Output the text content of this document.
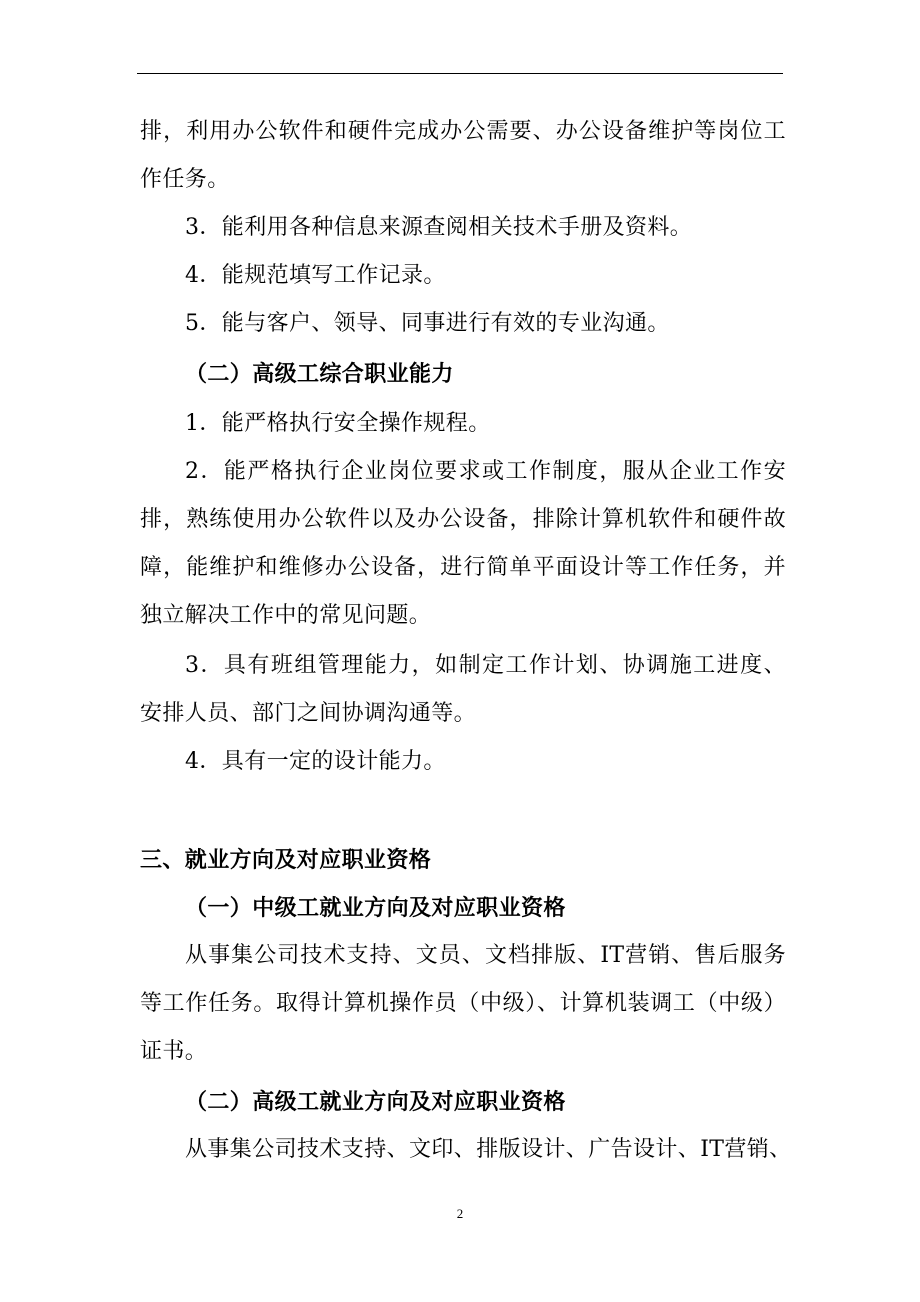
排，利用办公软件和硬件完成办公需要、办公设备维护等岗位工
作任务。
3．能利用各种信息来源查阅相关技术手册及资料。
4．能规范填写工作记录。
5．能与客户、领导、同事进行有效的专业沟通。
（二）高级工综合职业能力
1．能严格执行安全操作规程。
2．能严格执行企业岗位要求或工作制度，服从企业工作安
排，熟练使用办公软件以及办公设备，排除计算机软件和硬件故
障，能维护和维修办公设备，进行简单平面设计等工作任务，并
独立解决工作中的常见问题。
3．具有班组管理能力，如制定工作计划、协调施工进度、
安排人员、部门之间协调沟通等。
4．具有一定的设计能力。
三、就业方向及对应职业资格
（一）中级工就业方向及对应职业资格
从事集公司技术支持、文员、文档排版、IT营销、售后服务
等工作任务。取得计算机操作员（中级）、计算机装调工（中级）
证书。
（二）高级工就业方向及对应职业资格
从事集公司技术支持、文印、排版设计、广告设计、IT营销、
2
